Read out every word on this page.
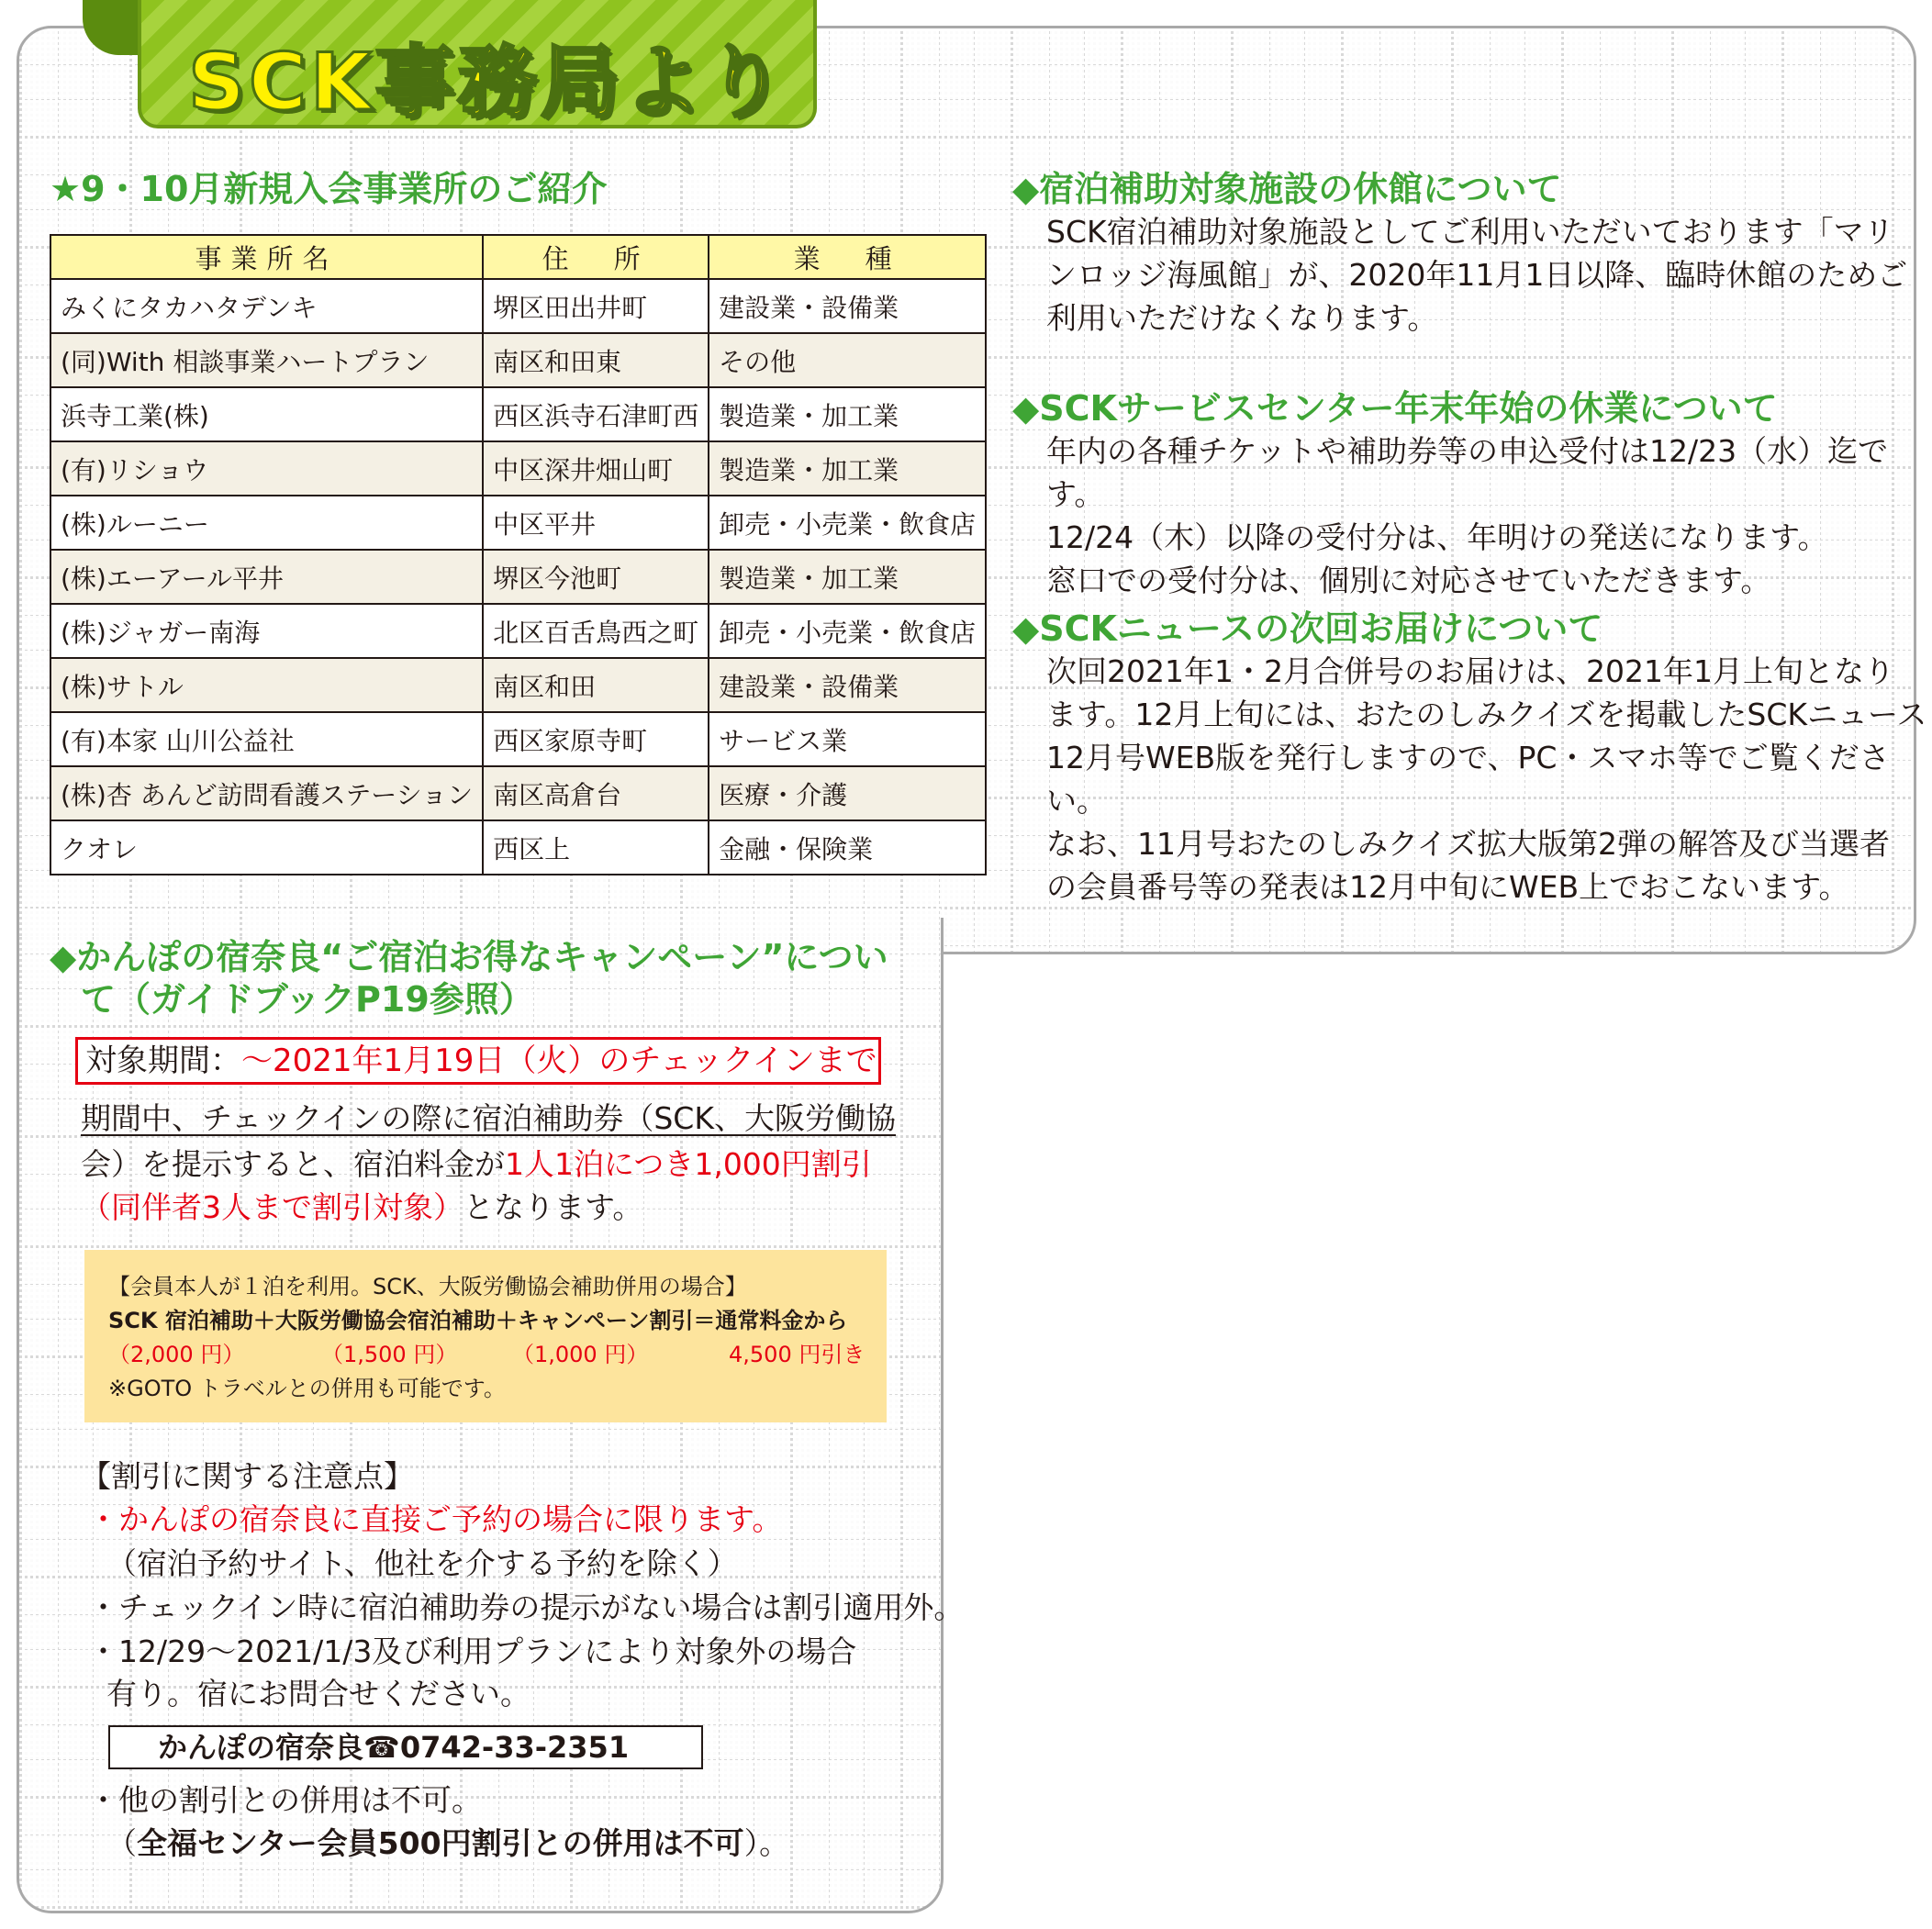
SCK事務局より
★9・10月新規入会事業所のご紹介
事業所名	住　所	業　種
みくにタカハタデンキ	堺区田出井町	建設業・設備業
(同)With 相談事業ハートプラン	南区和田東	その他
浜寺工業(株)	西区浜寺石津町西	製造業・加工業
(有)リショウ	中区深井畑山町	製造業・加工業
(株)ルーニー	中区平井	卸売・小売業・飲食店
(株)エーアール平井	堺区今池町	製造業・加工業
(株)ジャガー南海	北区百舌鳥西之町	卸売・小売業・飲食店
(株)サトル	南区和田	建設業・設備業
(有)本家 山川公益社	西区家原寺町	サービス業
(株)杏 あんど訪問看護ステーション	南区高倉台	医療・介護
クオレ	西区上	金融・保険業
◆かんぽの宿奈良“ご宿泊お得なキャンペーン”につい
て（ガイドブックP19参照）
対象期間：～2021年1月19日（火）のチェックインまで
期間中、チェックインの際に宿泊補助券（SCK、大阪労働協
会）を提示すると、宿泊料金が1人1泊につき1,000円割引
（同伴者3人まで割引対象）となります。
【会員本人が１泊を利用。SCK、大阪労働協会補助併用の場合】
SCK 宿泊補助＋大阪労働協会宿泊補助＋キャンペーン割引＝通常料金から
（2,000 円）	（1,500 円） （1,000 円）	4,500 円引き
※GOTO トラベルとの併用も可能です。
【割引に関する注意点】
・かんぽの宿奈良に直接ご予約の場合に限ります。
（宿泊予約サイト、他社を介する予約を除く）
・チェックイン時に宿泊補助券の提示がない場合は割引適用外。
・12/29～2021/1/3及び利用プランにより対象外の場合
有り。宿にお問合せください。
かんぽの宿奈良☎0742-33-2351
・他の割引との併用は不可。
（全福センター会員500円割引との併用は不可）。
◆宿泊補助対象施設の休館について
SCK宿泊補助対象施設としてご利用いただいております「マリ
ンロッジ海風館」が、2020年11月1日以降、臨時休館のためご
利用いただけなくなります。
◆SCKサービスセンター年末年始の休業について
年内の各種チケットや補助券等の申込受付は12/23（水）迄です。
12/24（木）以降の受付分は、年明けの発送になります。
窓口での受付分は、個別に対応させていただきます。
◆SCKニュースの次回お届けについて
次回2021年1・2月合併号のお届けは、2021年1月上旬となり
ます。12月上旬には、おたのしみクイズを掲載したSCKニュース
12月号WEB版を発行しますので、PC・スマホ等でご覧ください。
なお、11月号おたのしみクイズ拡大版第2弾の解答及び当選者
の会員番号等の発表は12月中旬にWEB上でおこないます。
